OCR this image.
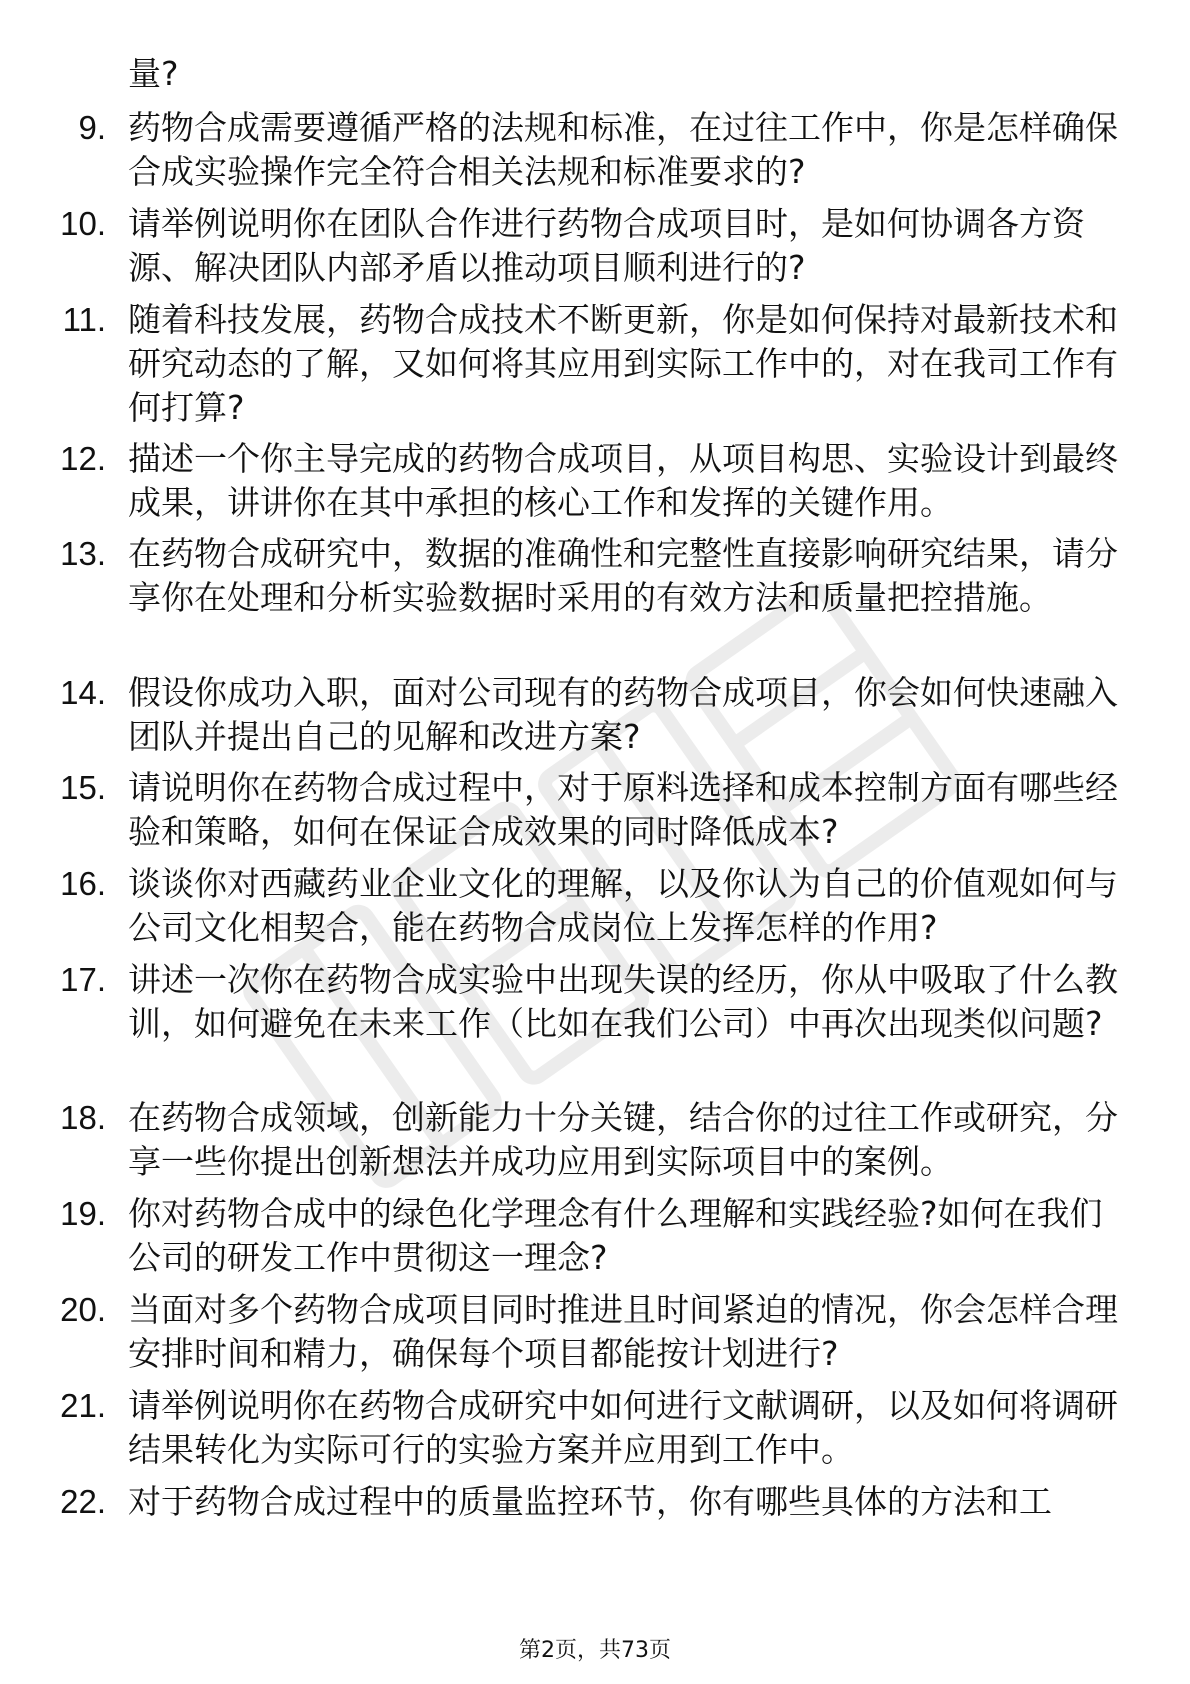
量?
9. 药物合成需要遵循严格的法规和标准，在过往工作中，你是怎样确保合成实验操作完全符合相关法规和标准要求的?
10. 请举例说明你在团队合作进行药物合成项目时，是如何协调各方资源、解决团队内部矛盾以推动项目顺利进行的?
11. 随着科技发展，药物合成技术不断更新，你是如何保持对最新技术和研究动态的了解，又如何将其应用到实际工作中的，对在我司工作有何打算?
12. 描述一个你主导完成的药物合成项目，从项目构思、实验设计到最终成果，讲讲你在其中承担的核心工作和发挥的关键作用。
13. 在药物合成研究中，数据的准确性和完整性直接影响研究结果，请分享你在处理和分析实验数据时采用的有效方法和质量把控措施。
14. 假设你成功入职，面对公司现有的药物合成项目，你会如何快速融入团队并提出自己的见解和改进方案?
15. 请说明你在药物合成过程中，对于原料选择和成本控制方面有哪些经验和策略，如何在保证合成效果的同时降低成本?
16. 谈谈你对西藏药业企业文化的理解，以及你认为自己的价值观如何与公司文化相契合，能在药物合成岗位上发挥怎样的作用?
17. 讲述一次你在药物合成实验中出现失误的经历，你从中吸取了什么教训，如何避免在未来工作（比如在我们公司）中再次出现类似问题?
18. 在药物合成领域，创新能力十分关键，结合你的过往工作或研究，分享一些你提出创新想法并成功应用到实际项目中的案例。
19. 你对药物合成中的绿色化学理念有什么理解和实践经验?如何在我们公司的研发工作中贯彻这一理念?
20. 当面对多个药物合成项目同时推进且时间紧迫的情况，你会怎样合理安排时间和精力，确保每个项目都能按计划进行?
21. 请举例说明你在药物合成研究中如何进行文献调研，以及如何将调研结果转化为实际可行的实验方案并应用到工作中。
22. 对于药物合成过程中的质量监控环节，你有哪些具体的方法和工
第2页，共73页
